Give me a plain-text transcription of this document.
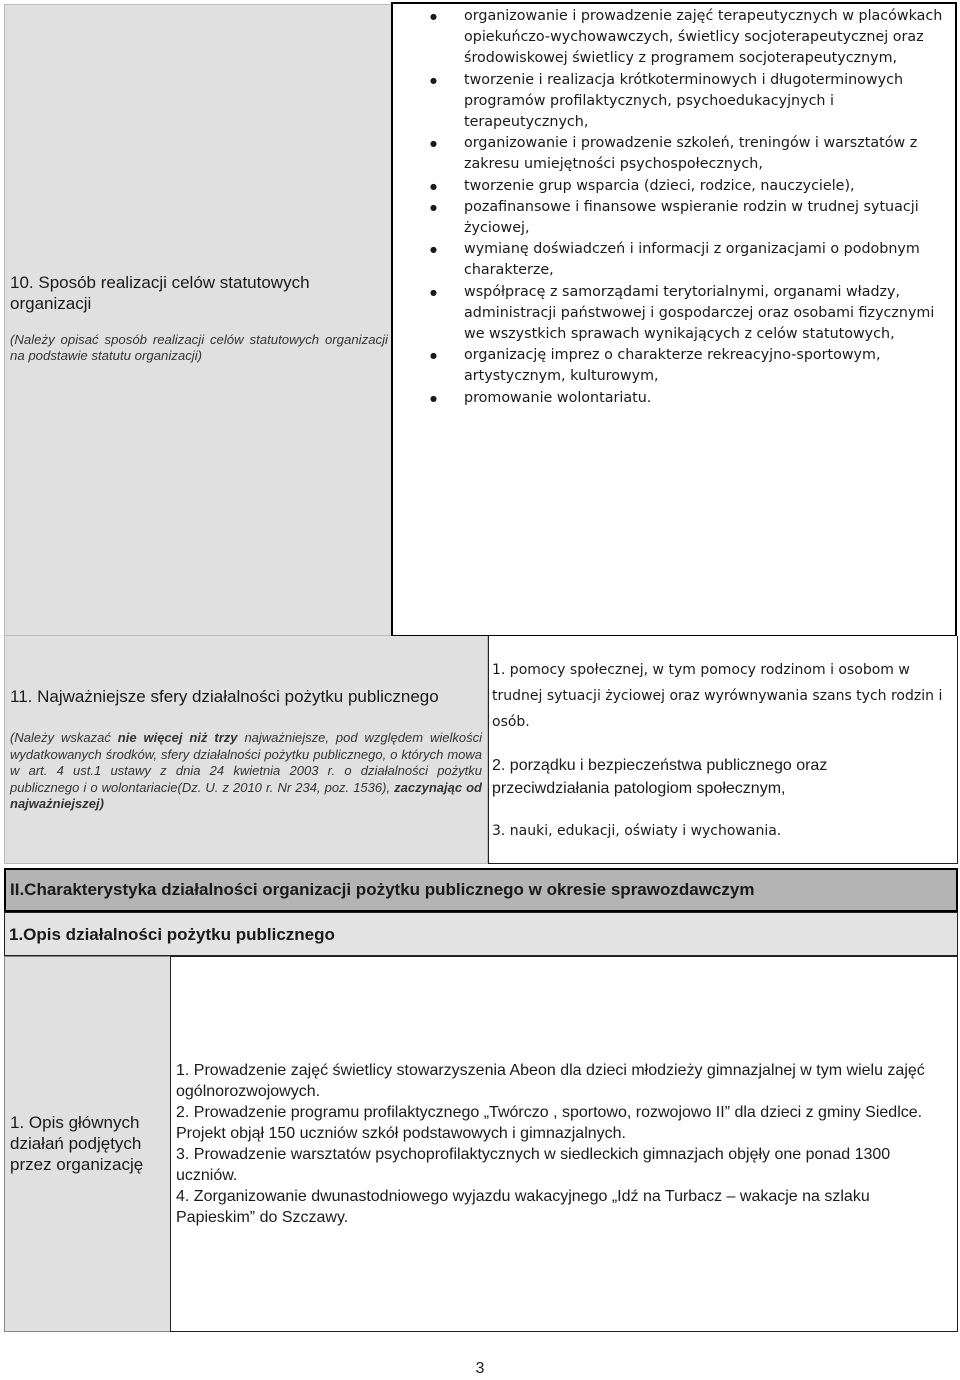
10. Sposób realizacji celów statutowych organizacji
(Należy opisać sposób realizacji celów statutowych organizacji na podstawie statutu organizacji)
● organizowanie i prowadzenie zajęć terapeutycznych w placówkach opiekuńczo-wychowawczych, świetlicy socjoterapeutycznej oraz środowiskowej świetlicy z programem socjoterapeutycznym,
● tworzenie i realizacja krótkoterminowych i długoterminowych programów profilaktycznych, psychoedukacyjnych i terapeutycznych,
● organizowanie i prowadzenie szkoleń, treningów i warsztatów z zakresu umiejętności psychospołecznych,
● tworzenie grup wsparcia (dzieci, rodzice, nauczyciele),
● pozafinansowe i finansowe wspieranie rodzin w trudnej sytuacji życiowej,
● wymianę doświadczeń i informacji z organizacjami o podobnym charakterze,
● współpracę z samorządami terytorialnymi, organami władzy, administracji państwowej i gospodarczej oraz osobami fizycznymi we wszystkich sprawach wynikających z celów statutowych,
● organizację imprez o charakterze rekreacyjno-sportowym, artystycznym, kulturowym,
● promowanie wolontariatu.
11. Najważniejsze sfery działalności pożytku publicznego
(Należy wskazać nie więcej niż trzy najważniejsze, pod względem wielkości wydatkowanych środków, sfery działalności pożytku publicznego, o których mowa w art. 4 ust.1 ustawy z dnia 24 kwietnia 2003 r. o działalności pożytku publicznego i o wolontariacie(Dz. U. z 2010 r. Nr 234, poz. 1536), zaczynając od najważniejszej)
1. pomocy społecznej, w tym pomocy rodzinom i osobom w trudnej sytuacji życiowej oraz wyrównywania szans tych rodzin i osób.
2. porządku i bezpieczeństwa publicznego oraz przeciwdziałania patologiom społecznym,
3. nauki, edukacji, oświaty i wychowania.
II.Charakterystyka działalności organizacji pożytku publicznego w okresie sprawozdawczym
1.Opis działalności pożytku publicznego
1. Opis głównych działań podjętych przez organizację
1. Prowadzenie zajęć świetlicy stowarzyszenia Abeon dla dzieci młodzieży gimnazjalnej w tym wielu zajęć ogólnorozwojowych.
2. Prowadzenie programu profilaktycznego „Twórczo , sportowo, rozwojowo II” dla dzieci z gminy Siedlce. Projekt objął 150 uczniów szkół podstawowych i gimnazjalnych.
3. Prowadzenie warsztatów psychoprofilaktycznych w siedleckich gimnazjach objęły one ponad 1300 uczniów.
4. Zorganizowanie dwunastodniowego wyjazdu wakacyjnego „Idź na Turbacz – wakacje na szlaku Papieskim” do Szczawy.
3
